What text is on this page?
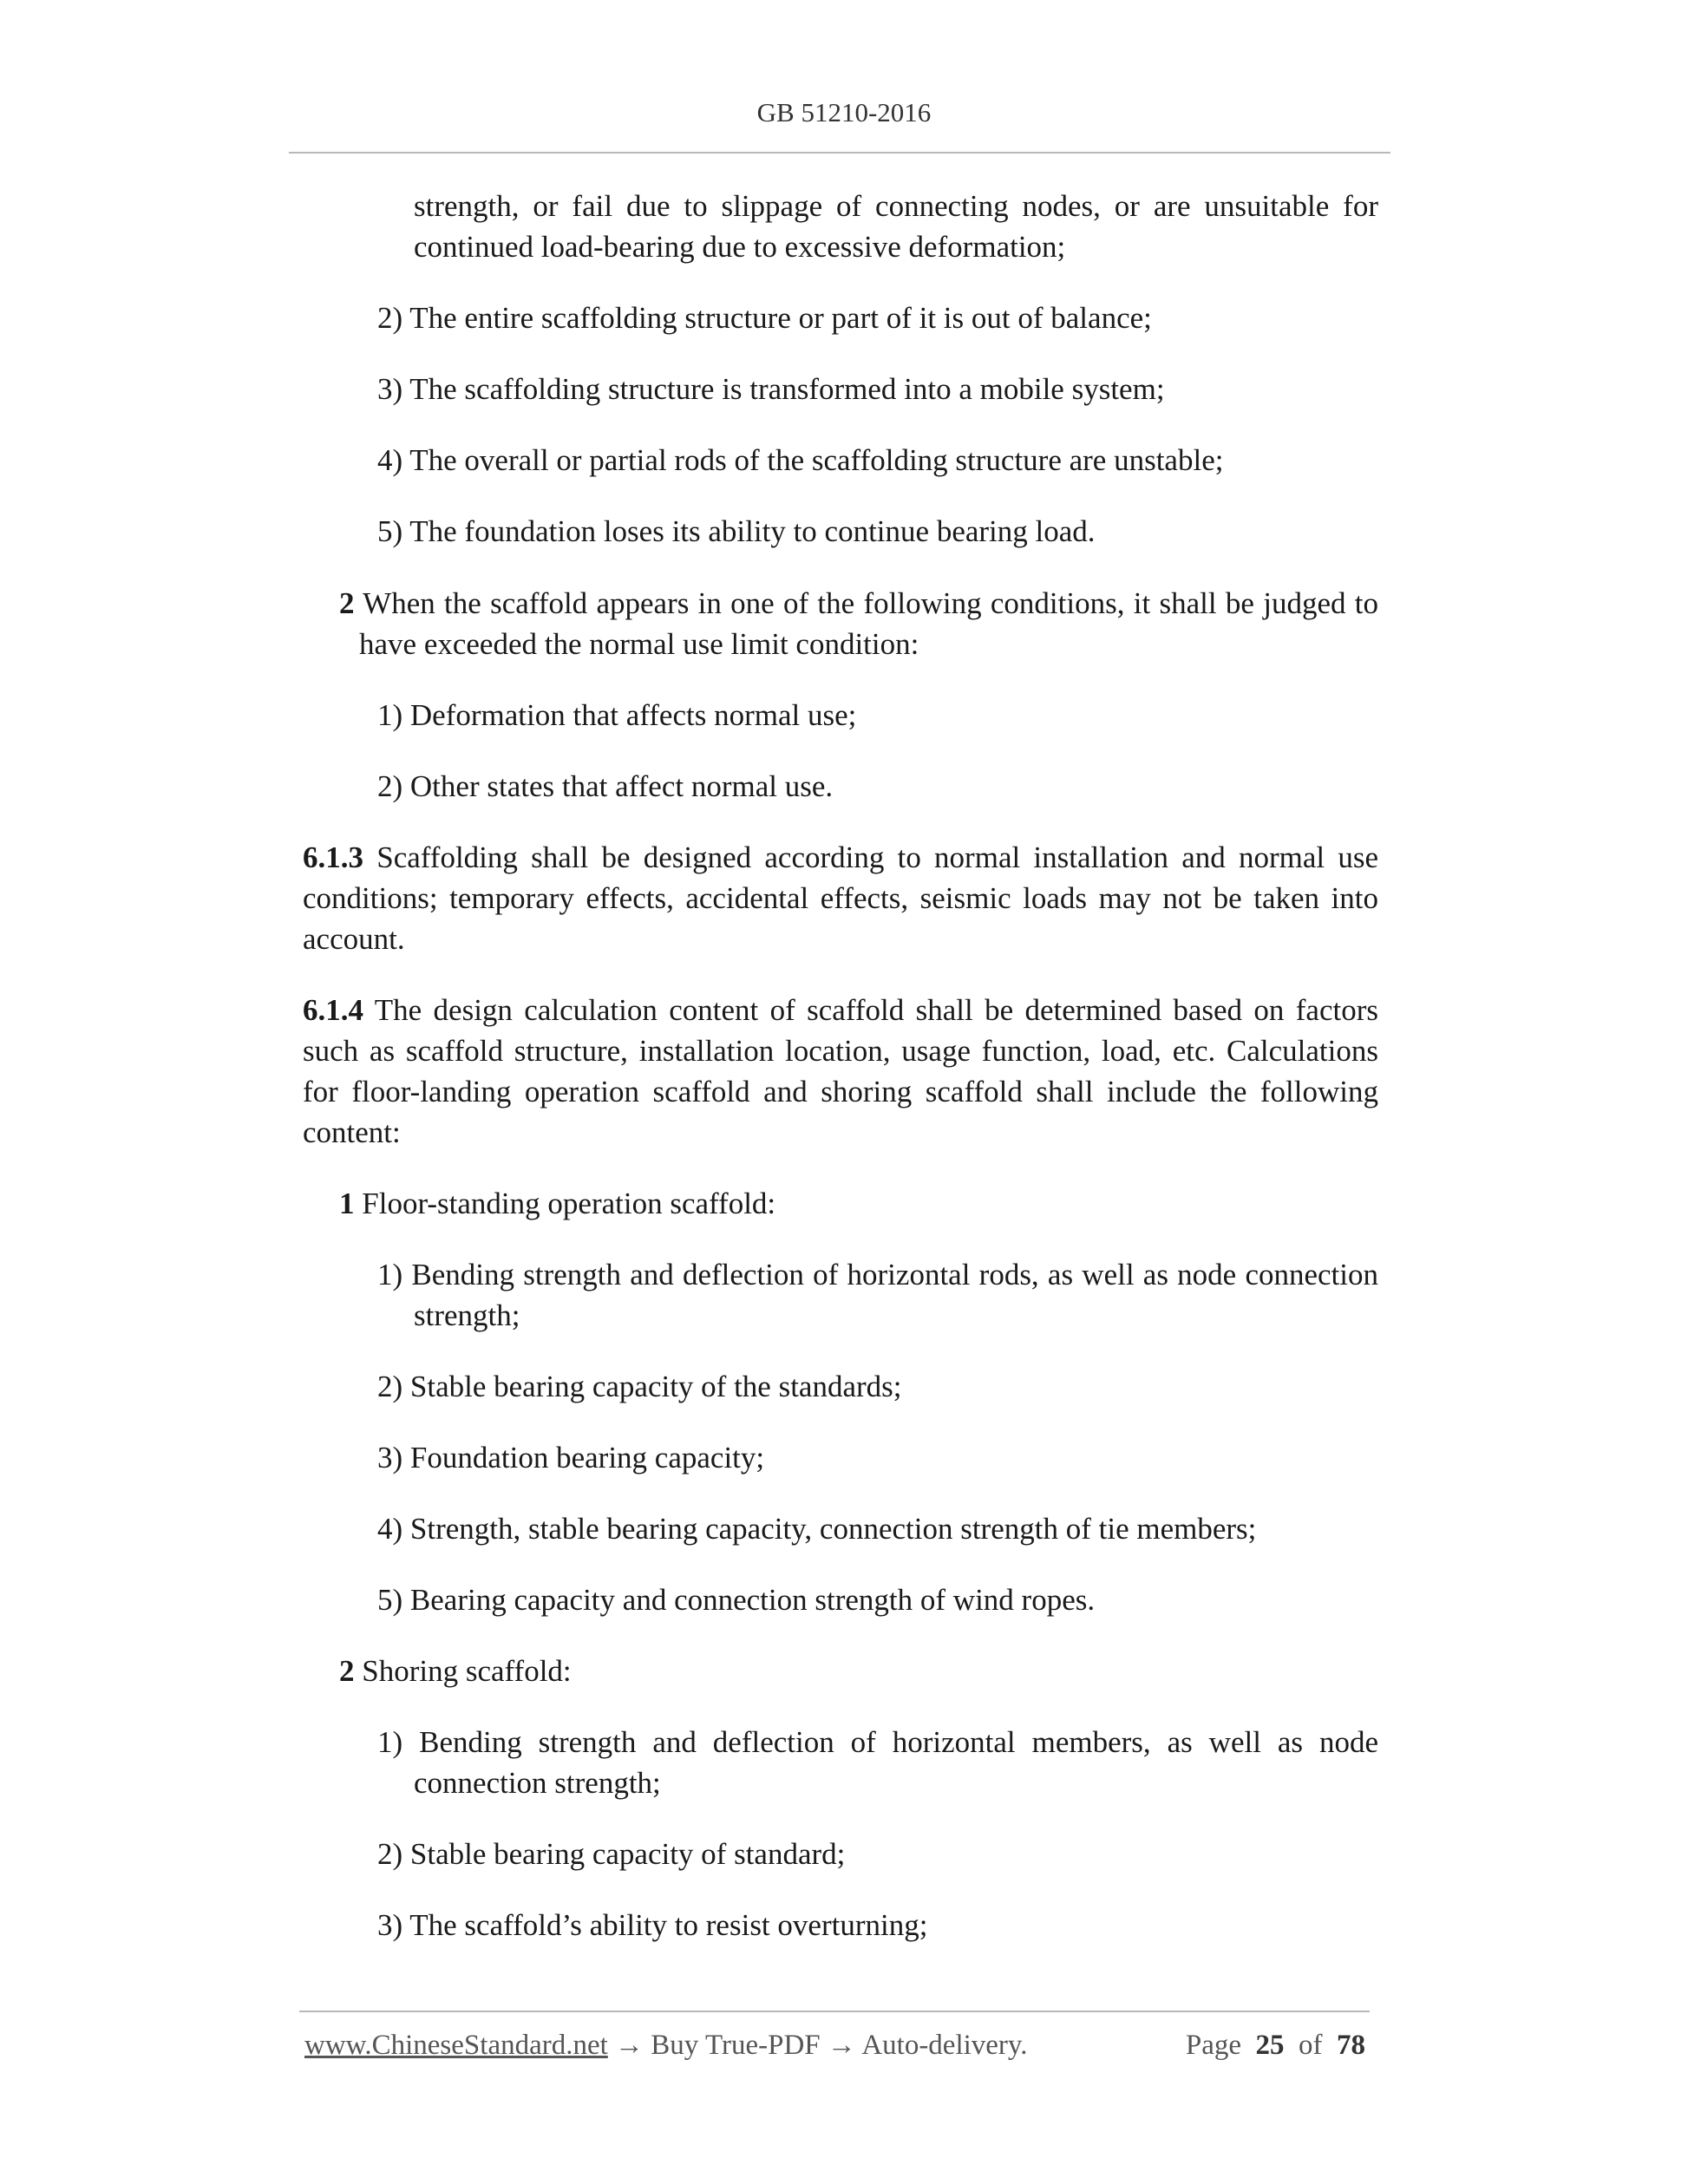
GB 51210-2016
strength, or fail due to slippage of connecting nodes, or are unsuitable for
continued load-bearing due to excessive deformation;
2) The entire scaffolding structure or part of it is out of balance;
3) The scaffolding structure is transformed into a mobile system;
4) The overall or partial rods of the scaffolding structure are unstable;
5) The foundation loses its ability to continue bearing load.
2 When the scaffold appears in one of the following conditions, it shall be judged to
have exceeded the normal use limit condition:
1) Deformation that affects normal use;
2) Other states that affect normal use.
6.1.3 Scaffolding shall be designed according to normal installation and normal use conditions; temporary effects, accidental effects, seismic loads may not be taken into account.
6.1.4 The design calculation content of scaffold shall be determined based on factors such as scaffold structure, installation location, usage function, load, etc. Calculations for floor-landing operation scaffold and shoring scaffold shall include the following content:
1 Floor-standing operation scaffold:
1) Bending strength and deflection of horizontal rods, as well as node connection strength;
2) Stable bearing capacity of the standards;
3) Foundation bearing capacity;
4) Strength, stable bearing capacity, connection strength of tie members;
5) Bearing capacity and connection strength of wind ropes.
2 Shoring scaffold:
1) Bending strength and deflection of horizontal members, as well as node connection strength;
2) Stable bearing capacity of standard;
3) The scaffold’s ability to resist overturning;
www.ChineseStandard.net → Buy True-PDF → Auto-delivery.	Page 25 of 78
